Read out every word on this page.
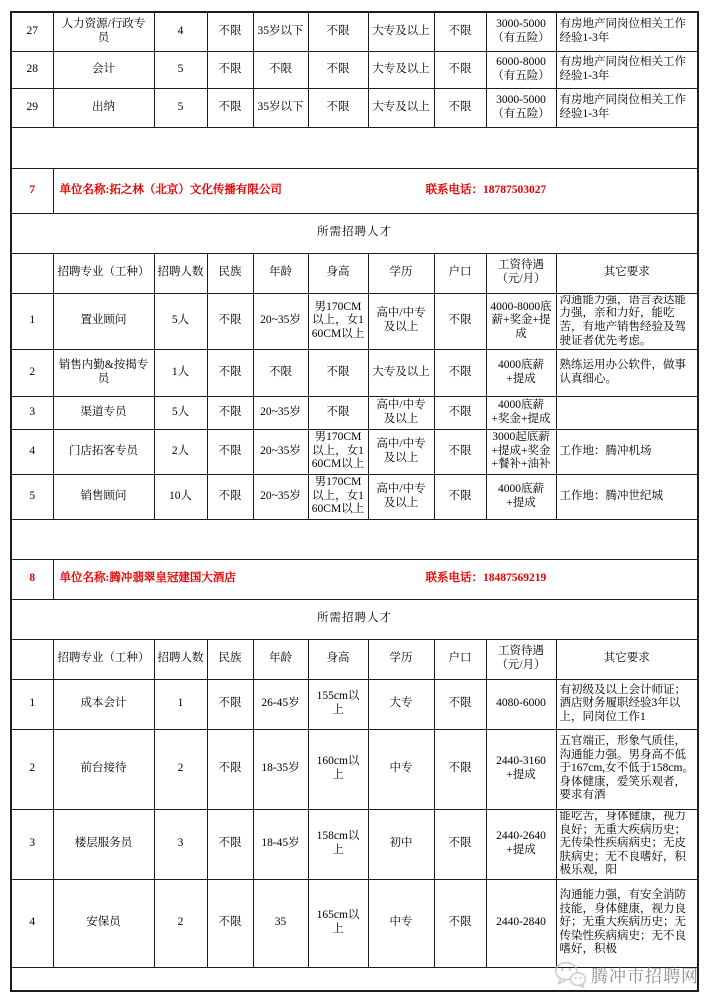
27	人力资源/行政专员	4	不限	35岁以下	不限	大专及以上	不限	3000-5000（有五险）	有房地产同岗位相关工作经验1-3年

28	会计	5	不限	不限	不限	大专及以上	不限	6000-8000（有五险）	有房地产同岗位相关工作经验1-3年

29	出纳	5	不限	35岁以下	不限	大专及以上	不限	3000-5000（有五险）	有房地产同岗位相关工作经验1-3年

7	单位名称:拓之林（北京）文化传播有限公司 联系电话：18787503027								

所需招聘人才									
	招聘专业（工种）	招聘人数	民族	年龄	身高	学历	户口	工资待遇（元/月）	其它要求

1	置业顾问	5人	不限	20~35岁	男170CM以上，女160CM以上	高中/中专及以上	不限	4000-8000底薪+奖金+提成	沟通能力强，语言表达能力强，亲和力好，能吃苦，有地产销售经验及驾驶证者优先考虑。

2	销售内勤&按揭专员	1人	不限	不限	不限	大专及以上	不限	4000底薪+提成	熟练运用办公软件，做事认真细心。

3	渠道专员	5人	不限	20~35岁	不限	高中/中专及以上	不限	4000底薪+奖金+提成	

4	门店拓客专员	2人	不限	20~35岁	男170CM以上，女160CM以上	高中/中专及以上	不限	3000起底薪+提成+奖金+餐补+油补	工作地：腾冲机场

5	销售顾问	10人	不限	20~35岁	男170CM以上，女160CM以上	高中/中专及以上	不限	4000底薪+提成	工作地：腾冲世纪城

8	单位名称:腾冲翡翠皇冠建国大酒店 联系电话：18487569219								

所需招聘人才									
	招聘专业（工种）	招聘人数	民族	年龄	身高	学历	户口	工资待遇（元/月）	其它要求

1	成本会计	1	不限	26-45岁	155cm以上	大专	不限	4080-6000	有初级及以上会计师证；酒店财务履职经验3年以上，同岗位工作1

2	前台接待	2	不限	18-35岁	160cm以上	中专	不限	2440-3160+提成	五官端正，形象气质佳，沟通能力强。男身高不低于167cm,女不低于158cm。身体健康，爱笑乐观者，要求有酒

3	楼层服务员	3	不限	18-45岁	158cm以上	初中	不限	2440-2640+提成	能吃苦，身体健康，视力良好；无重大疾病历史；无传染性疾病病史；无皮肤病史；无不良嗜好，积极乐观，阳

4	安保员	2	不限	35	165cm以上	中专	不限	2440-2840	沟通能力强，有安全消防技能，身体健康，视力良好；无重大疾病历史；无传染性疾病病史；无不良嗜好，积极

腾冲市招聘网
